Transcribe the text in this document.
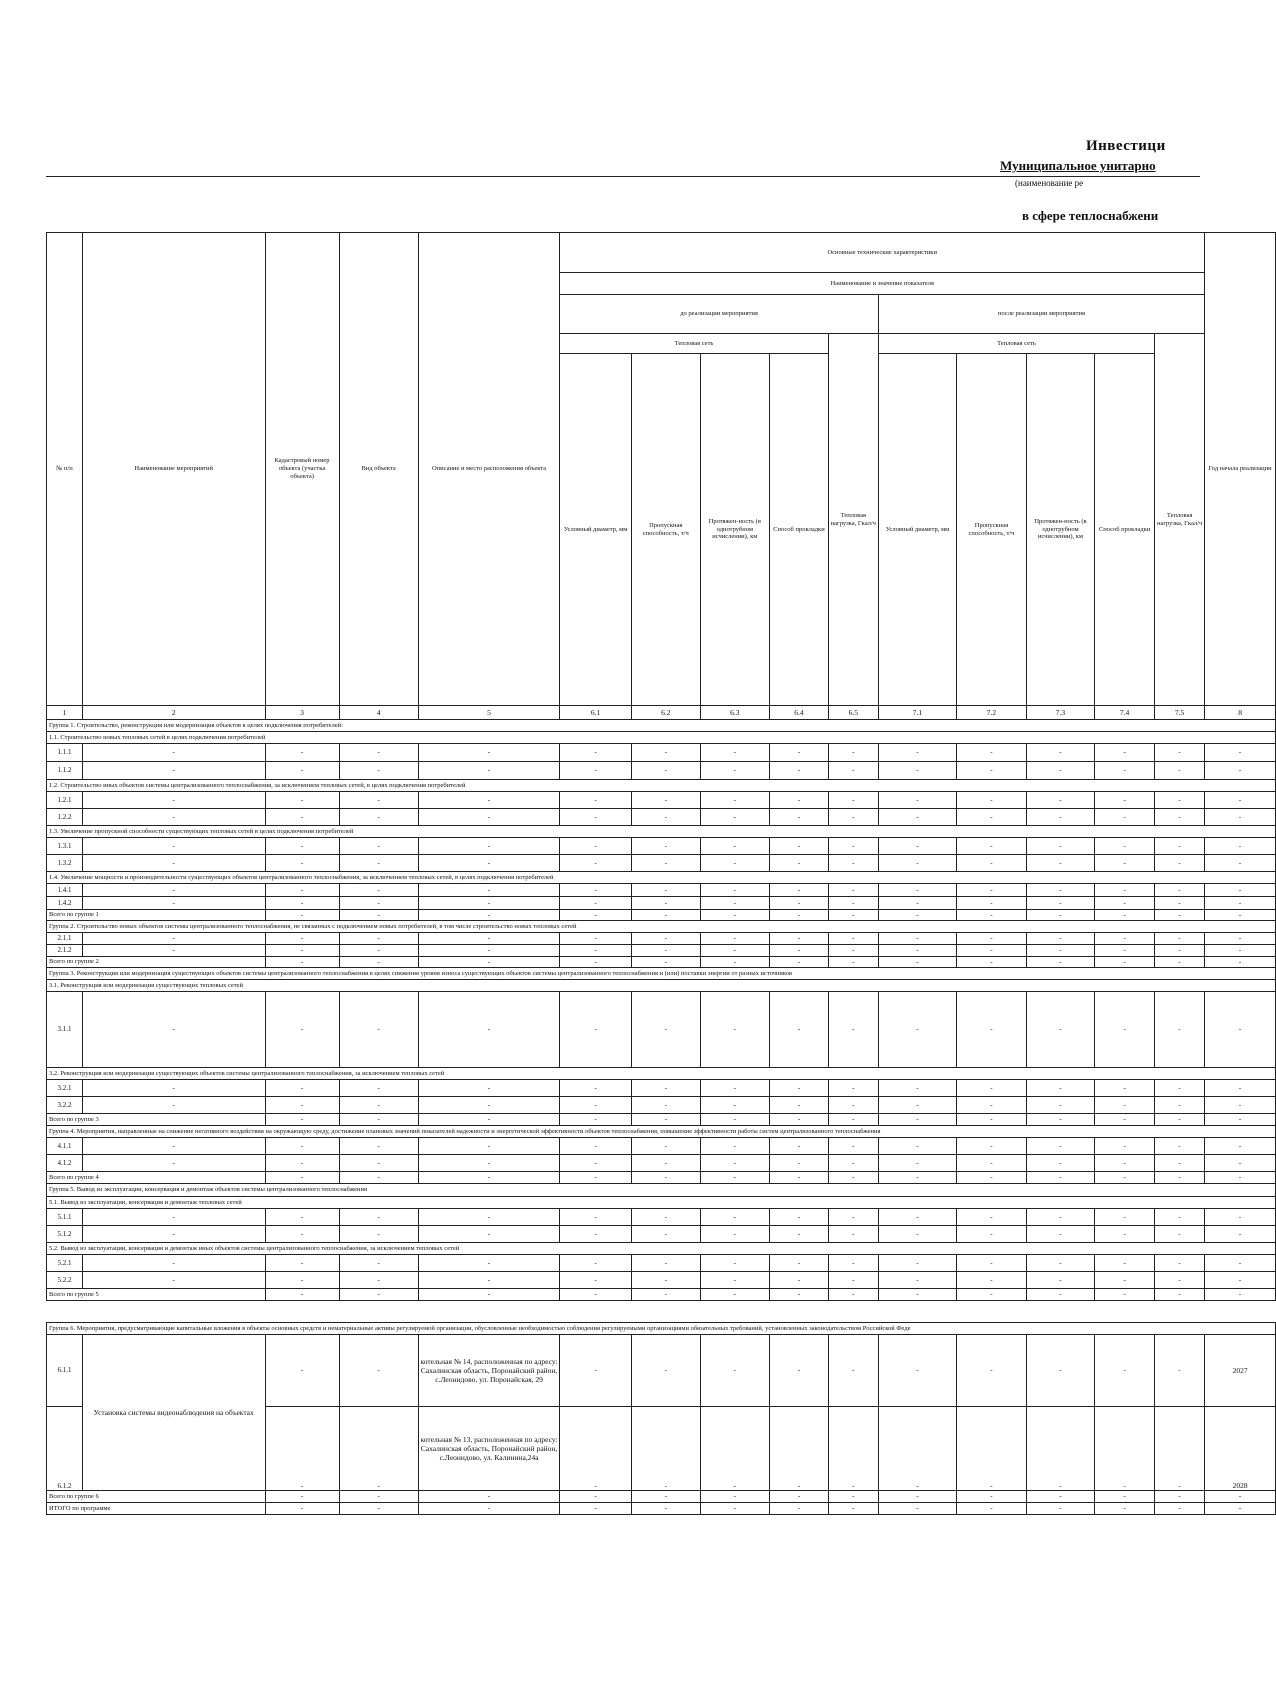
Инвестици
Муниципальное унитарно
(наименование ре
в сфере теплоснабжени
№ п/п	Наименование мероприятий	Кадастровый номер объекта (участка объекта)	Вид объекта	Описание и место расположения объекта	Основные технические характеристики										Год начала реализации
					Наименование и значение показателя										
					до реализации мероприятия					после реализации мероприятия					
					Тепловая сеть				Тепловая нагрузка, Гкал/ч	Тепловая сеть				Тепловая нагрузка, Гкал/ч	
					Условный диаметр, мм	Пропускная способность, т/ч	Протяжен-ность (в однотрубном исчислении), км	Способ прокладки		Условный диаметр, мм	Пропускная способность, т/ч	Протяжен-ность (в однотрубном исчислении), км	Способ прокладки		
1	2	3	4	5	6.1	6.2	6.3	6.4	6.5	7.1	7.2	7.3	7.4	7.5	8
Группа 1. Строительство, реконструкция или модернизация объектов в целях подключения потребителей:															
1.1. Строительство новых тепловых сетей в целях подключения потребителей															
1.1.1	-	-	-	-	-	-	-	-	-	-	-	-	-	-	-
1.1.2	-	-	-	-	-	-	-	-	-	-	-	-	-	-	-
1.2. Строительство иных объектов системы централизованного теплоснабжения, за исключением тепловых сетей, в целях подключения потребителей															
1.2.1	-	-	-	-	-	-	-	-	-	-	-	-	-	-	-
1.2.2	-	-	-	-	-	-	-	-	-	-	-	-	-	-	-
1.3. Увеличение пропускной способности существующих тепловых сетей в целях подключения потребителей															
1.3.1	-	-	-	-	-	-	-	-	-	-	-	-	-	-	-
1.3.2	-	-	-	-	-	-	-	-	-	-	-	-	-	-	-
1.4. Увеличение мощности и производительности существующих объектов централизованного теплоснабжения, за исключением тепловых сетей, в целях подключения потребителей															
1.4.1	-	-	-	-	-	-	-	-	-	-	-	-	-	-	-
1.4.2	-	-	-	-	-	-	-	-	-	-	-	-	-	-	-
Всего по группе 1		-	-	-	-	-	-	-	-	-	-	-	-	-	-
Группа 2. Строительство новых объектов системы централизованного теплоснабжения, не связанных с подключением новых потребителей, в том числе строительство новых тепловых сетей															
2.1.1	-	-	-	-	-	-	-	-	-	-	-	-	-	-	-
2.1.2	-	-	-	-	-	-	-	-	-	-	-	-	-	-	-
Всего по группе 2		-	-	-	-	-	-	-	-	-	-	-	-	-	-
Группа 3. Реконструкция или модернизация существующих объектов системы централизованного теплоснабжения в целях снижения уровня износа существующих объектов системы централизованного теплоснабжения и (или) поставки энергии от разных источников															
3.1. Реконструкция или модернизация существующих тепловых сетей															
3.1.1	-	-	-	-	-	-	-	-	-	-	-	-	-	-	-
3.2. Реконструкция или модернизация существующих объектов системы централизованного теплоснабжения, за исключением тепловых сетей															
3.2.1	-	-	-	-	-	-	-	-	-	-	-	-	-	-	-
3.2.2	-	-	-	-	-	-	-	-	-	-	-	-	-	-	-
Всего по группе 3		-	-	-	-	-	-	-	-	-	-	-	-	-	-
Группа 4. Мероприятия, направленные на снижение негативного воздействия на окружающую среду, достижение плановых значений показателей надежности и энергетической эффективности объектов теплоснабжения, повышение эффективности работы систем централизованного теплоснабжения															
4.1.1	-	-	-	-	-	-	-	-	-	-	-	-	-	-	-
4.1.2	-	-	-	-	-	-	-	-	-	-	-	-	-	-	-
Всего по группе 4		-	-	-	-	-	-	-	-	-	-	-	-	-	-
Группа 5. Вывод из эксплуатации, консервация и демонтаж объектов системы централизованного теплоснабжения															
5.1. Вывод из эксплуатации, консервация и демонтаж тепловых сетей															
5.1.1	-	-	-	-	-	-	-	-	-	-	-	-	-	-	-
5.1.2	-	-	-	-	-	-	-	-	-	-	-	-	-	-	-
5.2. Вывод из эксплуатации, консервация и демонтаж иных объектов системы централизованного теплоснабжения, за исключением тепловых сетей															
5.2.1	-	-	-	-	-	-	-	-	-	-	-	-	-	-	-
5.2.2	-	-	-	-	-	-	-	-	-	-	-	-	-	-	-
Всего по группе 5		-	-	-	-	-	-	-	-	-	-	-	-	-	-

Группа 6. Мероприятия, предусматривающие капитальные вложения в объекты основных средств и нематериальные активы регулируемой организации, обусловленные необходимостью соблюдения регулируемыми организациями обязательных требований, установленных законодательством Российской Феде															
6.1.1	Установка системы видеонаблюдения на объектах	-	-	котельная № 14, расположенная по адресу: Сахалинская область, Поронайский район, с.Леонидово, ул. Поронайская, 29	-	-	-	-	-	-	-	-	-	-	2027
6.1.2		-	-	котельная № 13, расположенная по адресу: Сахалинская область, Поронайский район, с.Леонидово, ул. Калинина,24а	-	-	-	-	-	-	-	-	-	-	2028
Всего по группе 6		-	-	-	-	-	-	-	-	-	-	-	-	-	-
ИТОГО по программе		-	-	-	-	-	-	-	-	-	-	-	-	-	-
